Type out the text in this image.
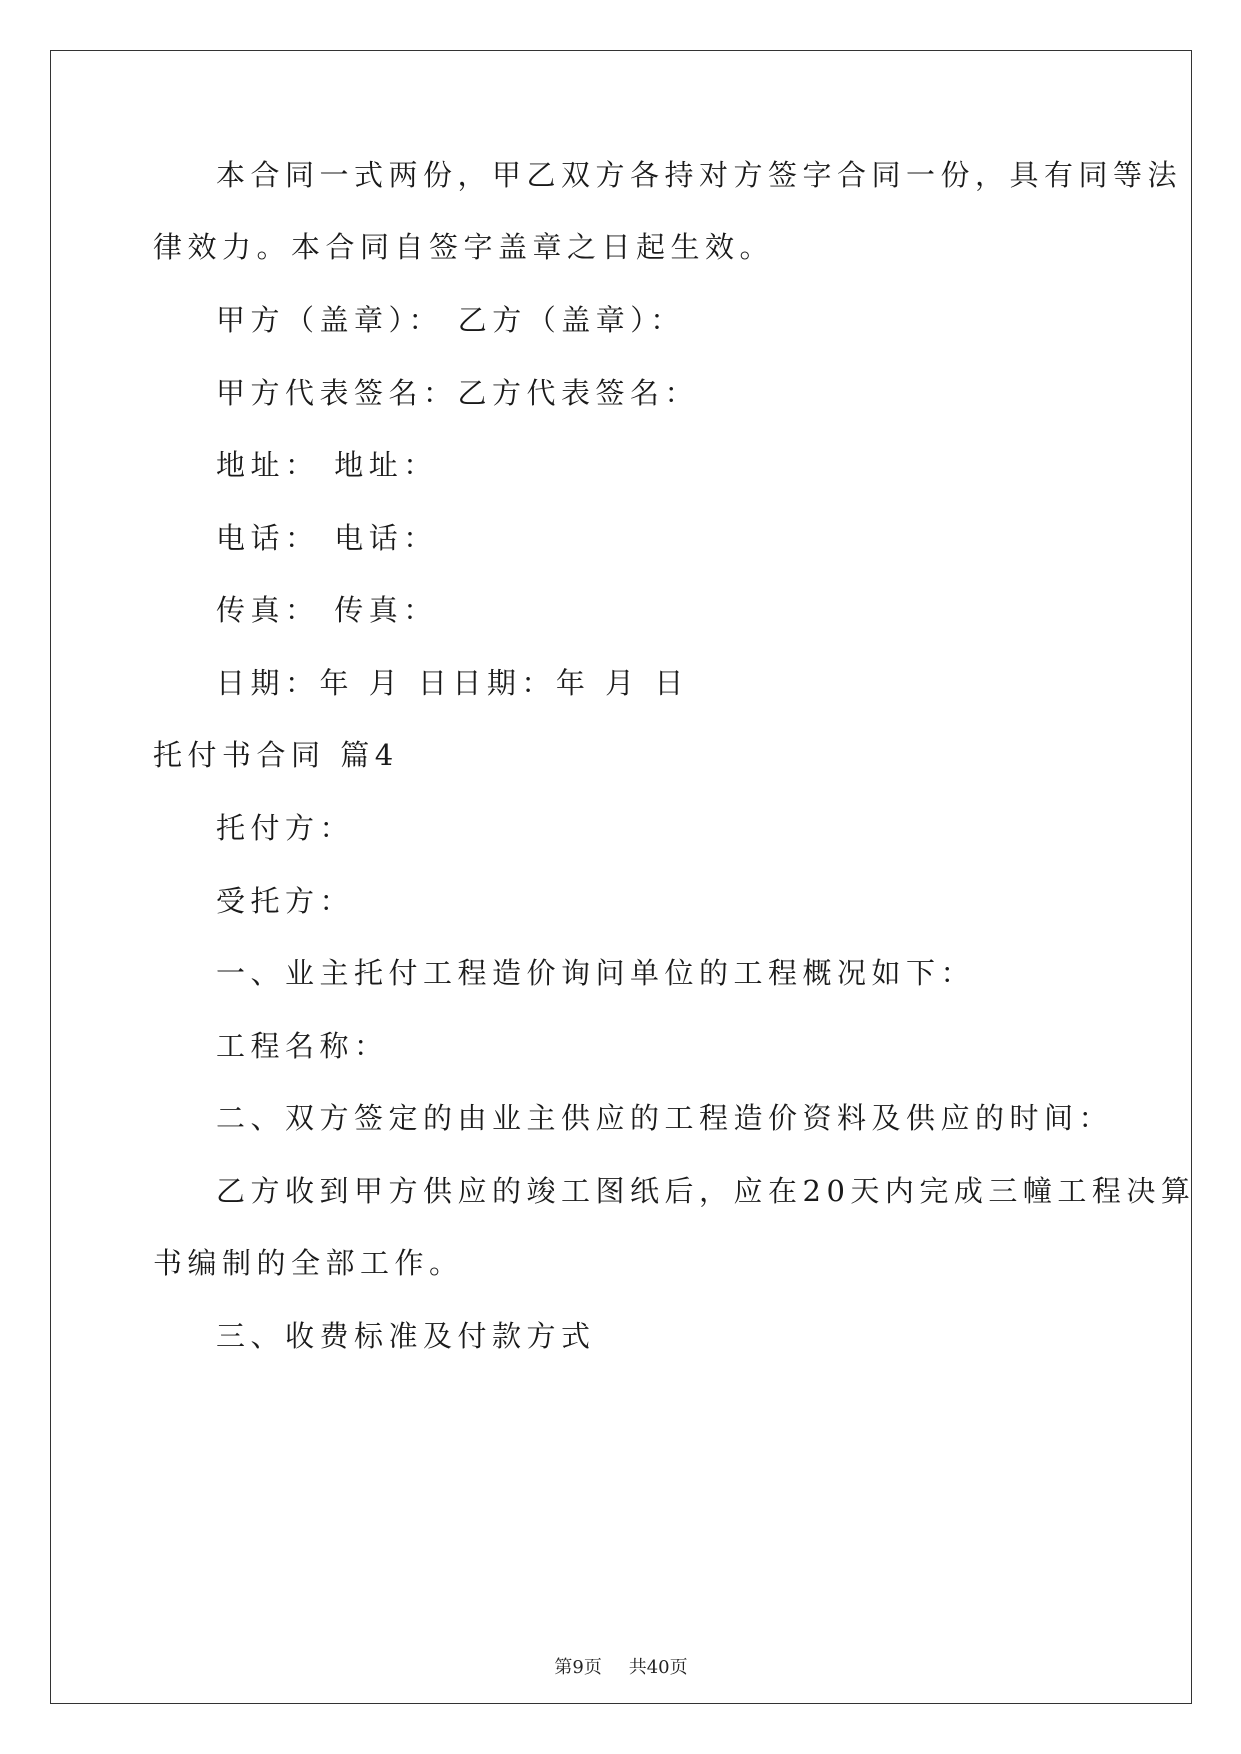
本合同一式两份，甲乙双方各持对方签字合同一份，具有同等法
律效力。本合同自签字盖章之日起生效。
甲方（盖章）： 乙方（盖章）：
甲方代表签名：乙方代表签名：
地址： 地址：
电话： 电话：
传真： 传真：
日期：年 月 日日期：年 月 日
托付书合同 篇4
托付方：
受托方：
一、业主托付工程造价询问单位的工程概况如下：
工程名称：
二、双方签定的由业主供应的工程造价资料及供应的时间：
乙方收到甲方供应的竣工图纸后，应在20天内完成三幢工程决算
书编制的全部工作。
三、收费标准及付款方式
第9页 共40页
